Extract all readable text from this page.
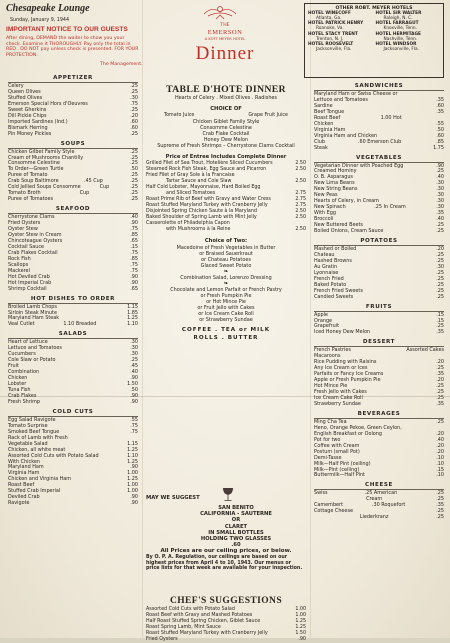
Chesapeake Lounge
Sunday, January 9, 1944
IMPORTANT NOTICE TO OUR GUESTS
After dining, DEMAND the waiter to show you your check. Examine it THOROUGHLY. Pay only the total in RED . DO NOT pay unless check is presented. FOR YOUR PROTECTION.
The Management.
THE
EMERSON
A KOTT MEYER HOTEL
Dinner
OTHER ROBT. MEYER HOTELS
HOTEL WINECOFF
Atlanta, Ga.
HOTEL SIR WALTER
Raleigh, N. C.
HOTEL PATRICK HENRY
Roanoke, Va.
HOTEL FARRAGUT
Knoxville, Tenn.
HOTEL STACY TRENT
Trenton, N. J.
HOTEL HERMITAGE
Nashville, Tenn.
HOTEL ROOSEVELT
Jacksonville, Fla.
HOTEL WINDSOR
Jacksonville, Fla.
APPETIZER
Celery	.25
Queen Olives	.25
Stuffed Olives	.30
Emerson Special Hors d'Oeuvres	.75
Sweet Gherkins	.25
Dill Pickle Chips	.20
Imported Sardines (Ind.)	.60
Bismark Herring	.60
Pin Money Pickles	.25
SOUPS
Chicken Gilbet Family Style	.25
Cream of Mushrooms Chantilly	.25
Consomme Celestine	.25
To Order—Green Turtle	.50
Puree of Tomato	.25
Crab Soup Baltimore	.45 Cup	.25
Cold Jellied Soups Consomme	Cup	.25
Tomato Broth	Cup	.25
Puree of Tomatoes	.25
SEAFOOD
Cherrystone Clams	.40
Fried Oysters	.90
Oyster Stew	.75
Oyster Stew in Cream	.85
Chincoteague Oysters	.65
Cocktail Sauce	.15
Crab Flakes Cocktail	.75
Rock Fish	.85
Scallops	.75
Mackerel	.75
Hot Deviled Crab	.90
Hot Imperial Crab	.90
Shrimp Cocktail	.65
HOT DISHES TO ORDER
Broiled Lamb Chops	1.15
Sirloin Steak Minute	1.85
Maryland Ham Steak	1.25
Veal Cutlet	1.10 Breaded	1.10
SALADS
Heart of Lettuce	.30
Lettuce and Tomatoes	.30
Cucumbers	.30
Cole Slaw or Potato	.25
Fruit	.45
Combination	.40
Chicken	.90
Lobster	1.50
Tuna Fish	.50
Crab Flakes	.90
Fresh Shrimp	.90
COLD CUTS
Egg Salad Ravigote	.55
Tomato Surprise	.75
Smoked Beef Tongue	.75
Rack of Lamb with Fresh
Vegetable Salad	1.15
Chicken, all white meat	1.25
Assorted Cold Cuts with Potato Salad	1.10
With Chicken	1.25
Maryland Ham	.90
Virginia Ham	1.00
Chicken and Virginia Ham	1.25
Roast Beef	1.00
Stuffed Crab Imperial	1.00
Deviled Crab	.90
Ravigote	.90
TABLE D'HOTE DINNER
Hearts of Celery . Mixed Olives . Radishes
CHOICE OF
Tomato Juice	Grape Fruit Juice
Chicken Giblet Family Style
Consomme Celestine
Crab Flake Cocktail
Honey Dew Melon
Supreme of Fresh Shrimps – Cherrystone Clams Cocktail
Price of Entree Includes Complete Dinner
Grilled Filet of Sea Trout, Hotelière Sliced Cucumbers	2.50
Steamed Rock Fish Steak, Egg Sauce and Picarron	2.50
Fried Filet of Gray Sole à la Francaise
Tartar Sauce and Cole Slaw	2.50
Half Cold Lobster, Mayonnaise, Hard Boiled Egg
and Sliced Tomatoes	2.75
Roast Prime Rib of Beef with Gravy and Water Cress	2.75
Roast Stuffed Maryland Turkey with Cranberry Jelly	2.75
Disjointed Spring Chicken Saute à la Maryland	2.50
Baked Shoulder of Spring Lamb with Mint Jelly	2.50
Casserolette of Philadelphia Capon
with Mushrooms à la Reine	2.50
Choice of Two:
Macedoine of Fresh Vegetables in Butter
or Braised Sauerkraut
or Chateau Potatoes
Glaced Sweet Potato
❧
Combination Salad, Lorenzo Dressing
❧
Chocolate and Lemon Parfait or French Pastry
or Fresh Pumpkin Pie
or Hot Mince Pie
or Fruit Jello with Cakes
or Ice Cream Cake Roll
or Strawberry Sundae
COFFEE . TEA or MILK
ROLLS . BUTTER
MAY WE SUGGEST
SAN BENITO
CALIFORNIA - SAUTERNE
OR
CLARET
IN SMALL BOTTLES
HOLDING TWO GLASSES
.60
All Prices are our ceiling prices, or below.
By O. P. A. Regulation, our ceilings are based on our highest prices from April 4 to 10, 1943. Our menus or price lists for that week are available for your inspection.
CHEF'S SUGGESTIONS
Assorted Cold Cuts with Potato Salad	1.00
Roast Beef with Gravy and Mashed Potatoes	1.00
Half Roast Stuffed Spring Chicken, Giblet Sauce	1.25
Roast Spring Lamb, Mint Sauce	1.25
Roast Stuffed Maryland Turkey with Cranberry Jelly	1.50
Fried Oysters	.90
SANDWICHES
Maryland Ham or Swiss Cheese or
Lettuce and Tomatoes	.35
Sardine	.60
Beef Tongue	.35
Roast Beef	1.00 Hot
Chicken	.55
Virginia Ham	.50
Virginia Ham and Chicken	.60
Club	.60 Emerson Club	.85
Steak	1.75
VEGETABLES
Vegetarian Dinner with Poached Egg	.90
Creamed Hominy	.25
O. B. Asparagus	.40
New Lima Beans	.30
New String Beans	.30
New Peas	.30
Hearts of Celery, in Cream	.30
New Spinach	.25 In Cream	.30
With Egg	.35
Broccoli	.40
New Buttered Beets	.25
Boiled Onions, Cream Sauce	.25
POTATOES
Mashed or Boiled	.20
Chateau	.25
Hashed Browns	.25
Au Gratin	.30
Lyonnaise	.25
French Fried	.25
Baked Potato	.25
French Fried Sweets	.25
Candied Sweets	.25
FRUITS
Apple	.15
Orange	.15
Grapefruit	.25
Iced Honey Dew Melon	.35
DESSERT
French Pastries	Assorted Cakes
Macaroons
Rice Pudding with Raisins	.20
Any Ice Cream or Ices	.25
Parfaits or Fancy Ice Creams	.35
Apple or Fresh Pumpkin Pie	.20
Hot Mince Pie	.25
Fresh Jello with Cakes	.25
Ice Cream Cake Roll	.25
Strawberry Sundae	.35
BEVERAGES
Ming Cha Tea	.25
Heno, Orange Pekoe, Green Ceylon,
English Breakfast or Oolong	.20
Pot for two	.40
Coffee with Cream	.20
Postum (small Pot)	.20
Demi-Tasse	.10
Milk—Half Pint (ceiling)	.10
Milk—Pint (ceiling)	.15
Buttermilk—Half Pint	.10
CHEESE
Swiss	.25 American	.25
Cream	.25
Camembert	.30 Roquefort	.35
Cottage Cheese	.25
Liederkranz	.25
